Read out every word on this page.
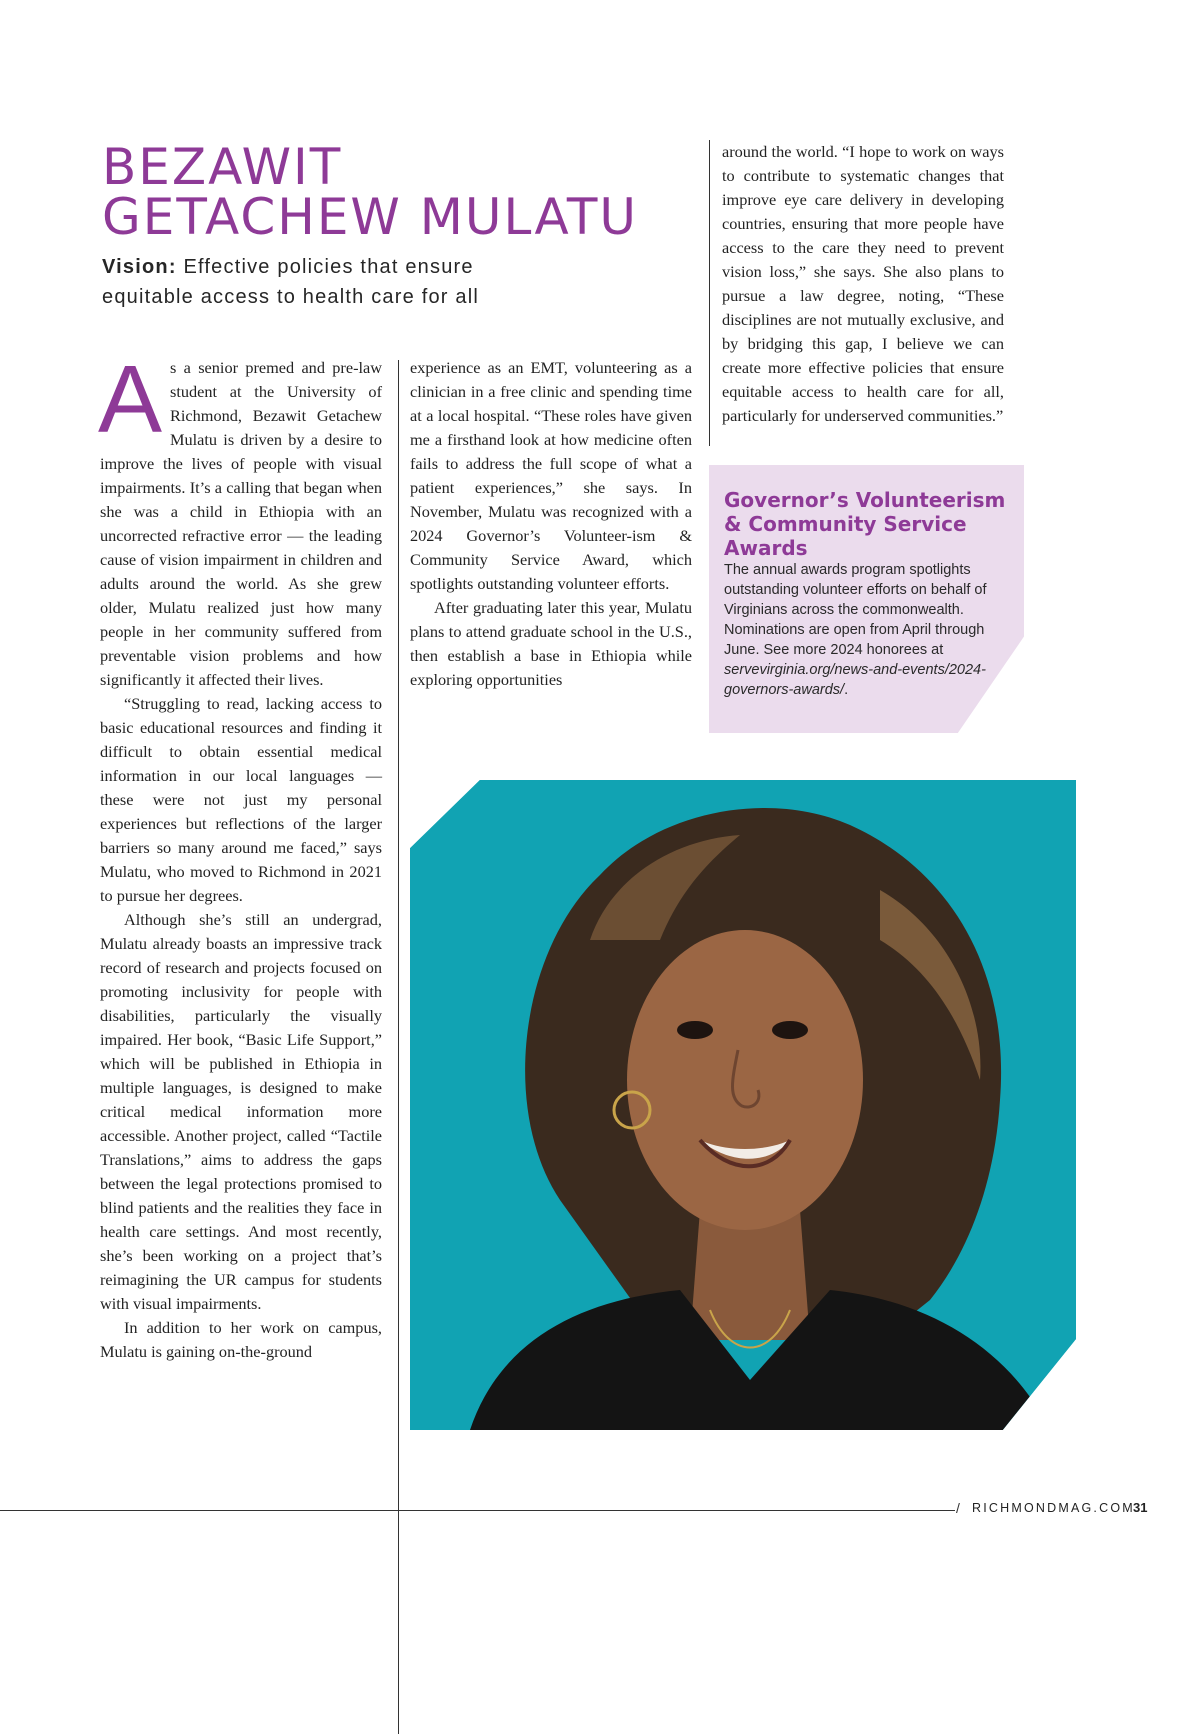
BEZAWIT
GETACHEW MULATU

Vision: Effective policies that ensure equitable access to health care for all

As a senior premed and pre-law student at the University of Richmond, Bezawit Getachew Mulatu is driven by a desire to improve the lives of people with visual impairments. It’s a calling that began when she was a child in Ethiopia with an uncorrected refractive error — the leading cause of vision impairment in children and adults around the world. As she grew older, Mulatu realized just how many people in her community suffered from preventable vision problems and how significantly it affected their lives.

“Struggling to read, lacking access to basic educational resources and finding it difficult to obtain essential medical information in our local languages — these were not just my personal experiences but reflections of the larger barriers so many around me faced,” says Mulatu, who moved to Richmond in 2021 to pursue her degrees.

Although she’s still an undergrad, Mulatu already boasts an impressive track record of research and projects focused on promoting inclusivity for people with disabilities, particularly the visually impaired. Her book, “Basic Life Support,” which will be published in Ethiopia in multiple languages, is designed to make critical medical information more accessible. Another project, called “Tactile Translations,” aims to address the gaps between the legal protections promised to blind patients and the realities they face in health care settings. And most recently, she’s been working on a project that’s reimagining the UR campus for students with visual impairments.

In addition to her work on campus, Mulatu is gaining on-the-ground

experience as an EMT, volunteering as a clinician in a free clinic and spending time at a local hospital. “These roles have given me a firsthand look at how medicine often fails to address the full scope of what a patient experiences,” she says. In November, Mulatu was recognized with a 2024 Governor’s Volunteer-ism & Community Service Award, which spotlights outstanding volunteer efforts.

After graduating later this year, Mulatu plans to attend graduate school in the U.S., then establish a base in Ethiopia while exploring opportunities

around the world. “I hope to work on ways to contribute to systematic changes that improve eye care delivery in developing countries, ensuring that more people have access to the care they need to prevent vision loss,” she says. She also plans to pursue a law degree, noting, “These disciplines are not mutually exclusive, and by bridging this gap, I believe we can create more effective policies that ensure equitable access to health care for all, particularly for underserved communities.”

Governor’s Volunteerism & Community Service Awards

The annual awards program spotlights outstanding volunteer efforts on behalf of Virginians across the commonwealth. Nominations are open from April through June. See more 2024 honorees at servevirginia.org/news-and-events/2024-governors-awards/.

/ RICHMONDMAG.COM
31
